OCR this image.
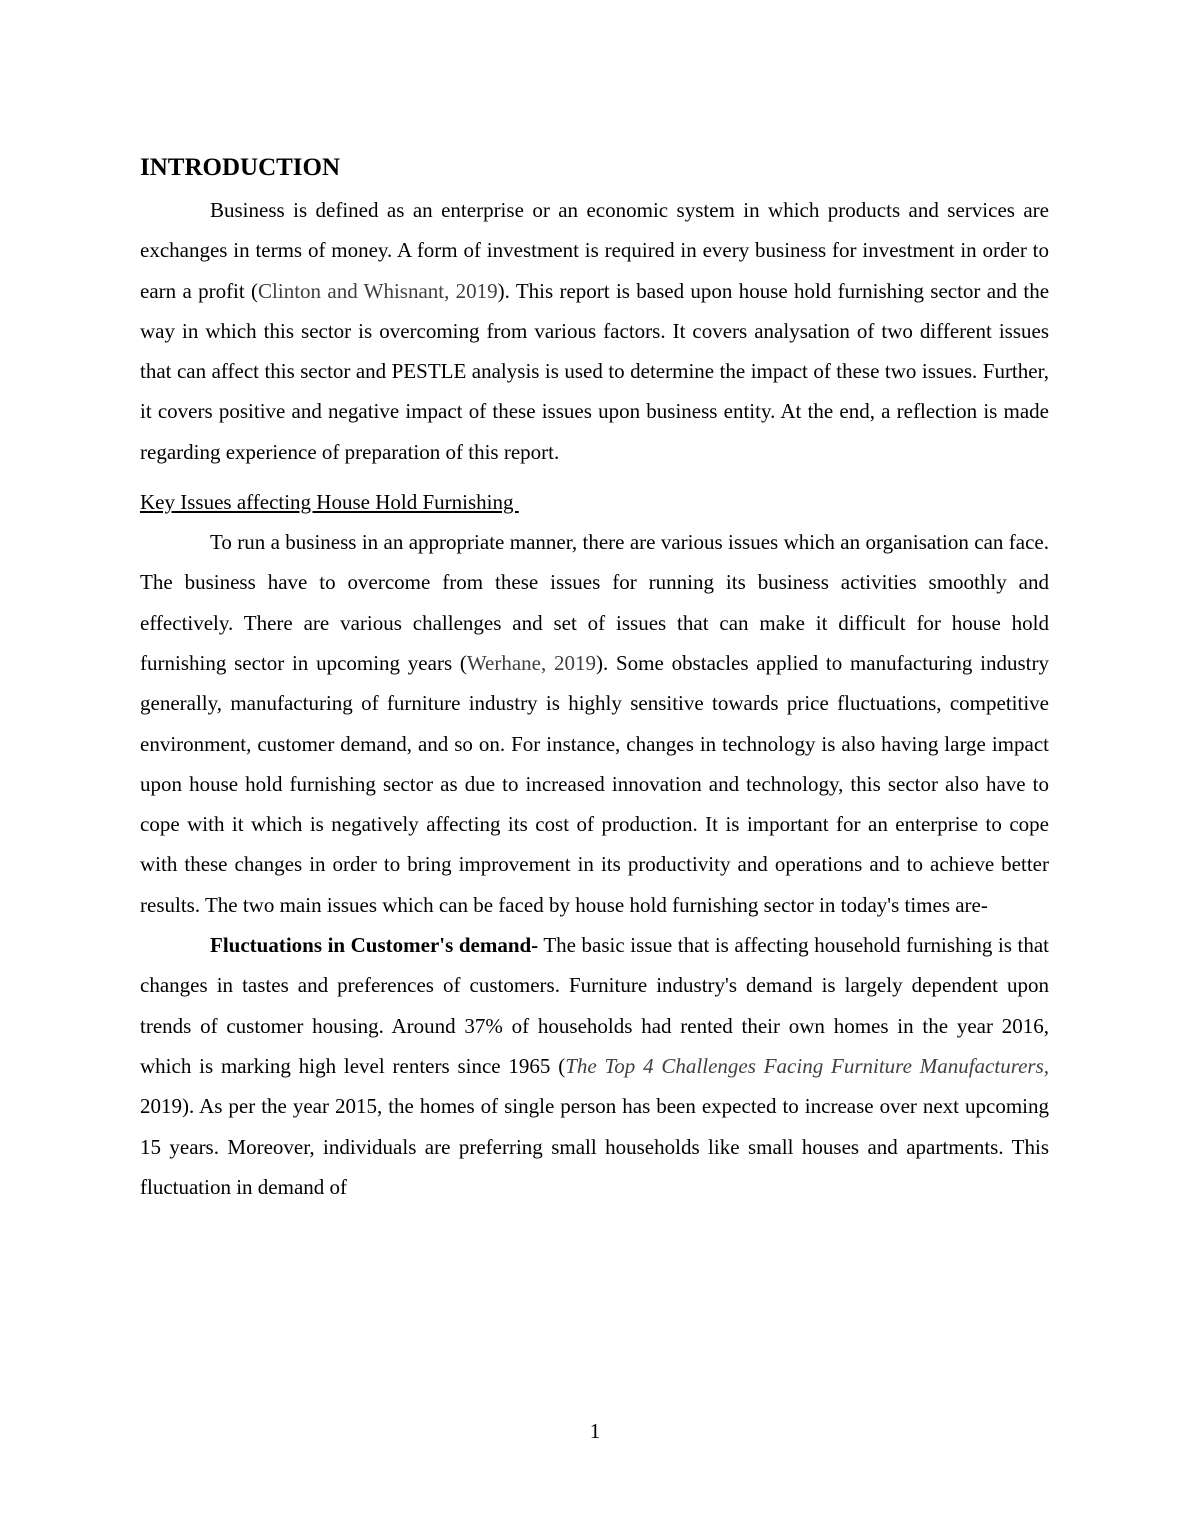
INTRODUCTION

Business is defined as an enterprise or an economic system in which products and services are exchanges in terms of money. A form of investment is required in every business for investment in order to earn a profit (Clinton and Whisnant, 2019). This report is based upon house hold furnishing sector and the way in which this sector is overcoming from various factors. It covers analysation of two different issues that can affect this sector and PESTLE analysis is used to determine the impact of these two issues. Further, it covers positive and negative impact of these issues upon business entity. At the end, a reflection is made regarding experience of preparation of this report.

Key Issues affecting House Hold Furnishing

To run a business in an appropriate manner, there are various issues which an organisation can face. The business have to overcome from these issues for running its business activities smoothly and effectively. There are various challenges and set of issues that can make it difficult for house hold furnishing sector in upcoming years (Werhane, 2019). Some obstacles applied to manufacturing industry generally, manufacturing of furniture industry is highly sensitive towards price fluctuations, competitive environment, customer demand, and so on. For instance, changes in technology is also having large impact upon house hold furnishing sector as due to increased innovation and technology, this sector also have to cope with it which is negatively affecting its cost of production. It is important for an enterprise to cope with these changes in order to bring improvement in its productivity and operations and to achieve better results. The two main issues which can be faced by house hold furnishing sector in today's times are-

Fluctuations in Customer's demand- The basic issue that is affecting household furnishing is that changes in tastes and preferences of customers. Furniture industry's demand is largely dependent upon trends of customer housing. Around 37% of households had rented their own homes in the year 2016, which is marking high level renters since 1965 (The Top 4 Challenges Facing Furniture Manufacturers, 2019). As per the year 2015, the homes of single person has been expected to increase over next upcoming 15 years. Moreover, individuals are preferring small households like small houses and apartments. This fluctuation in demand of

1
